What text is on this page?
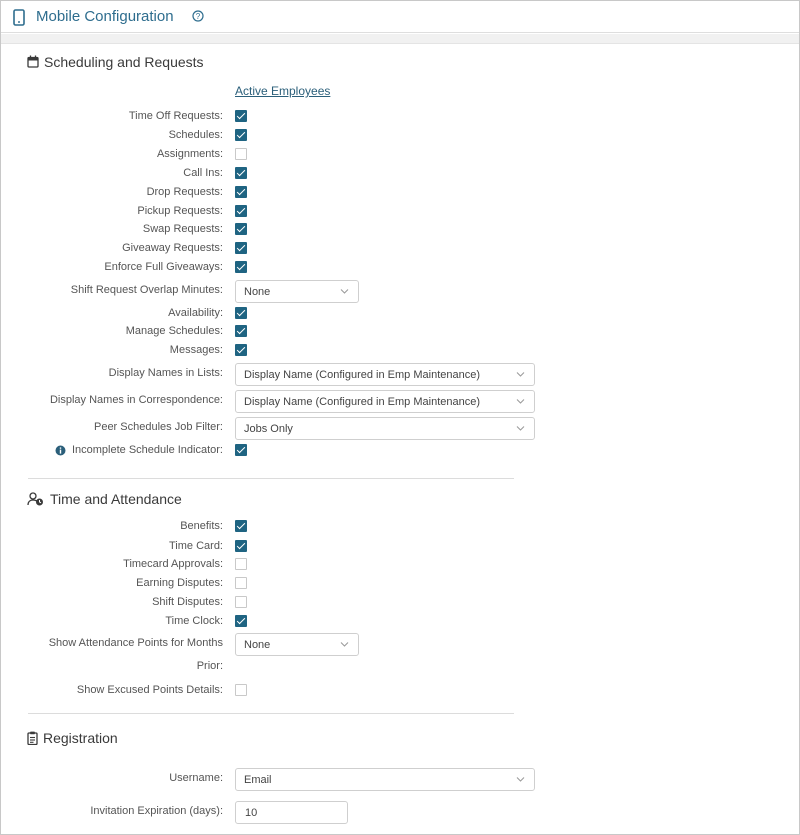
Mobile Configuration	?
Scheduling and Requests
Active Employees
Time Off Requests:
Schedules:
Assignments:
Call Ins:
Drop Requests:
Pickup Requests:
Swap Requests:
Giveaway Requests:
Enforce Full Giveaways:
Shift Request Overlap Minutes: None
Availability:
Manage Schedules:
Messages:
Display Names in Lists: Display Name (Configured in Emp Maintenance)
Display Names in Correspondence: Display Name (Configured in Emp Maintenance)
Peer Schedules Job Filter: Jobs Only
Incomplete Schedule Indicator:
Time and Attendance
Benefits:
Time Card:
Timecard Approvals:
Earning Disputes:
Shift Disputes:
Time Clock:
Show Attendance Points for Months
Prior:
None
Show Excused Points Details:
Registration
Username: Email
Invitation Expiration (days):
10
